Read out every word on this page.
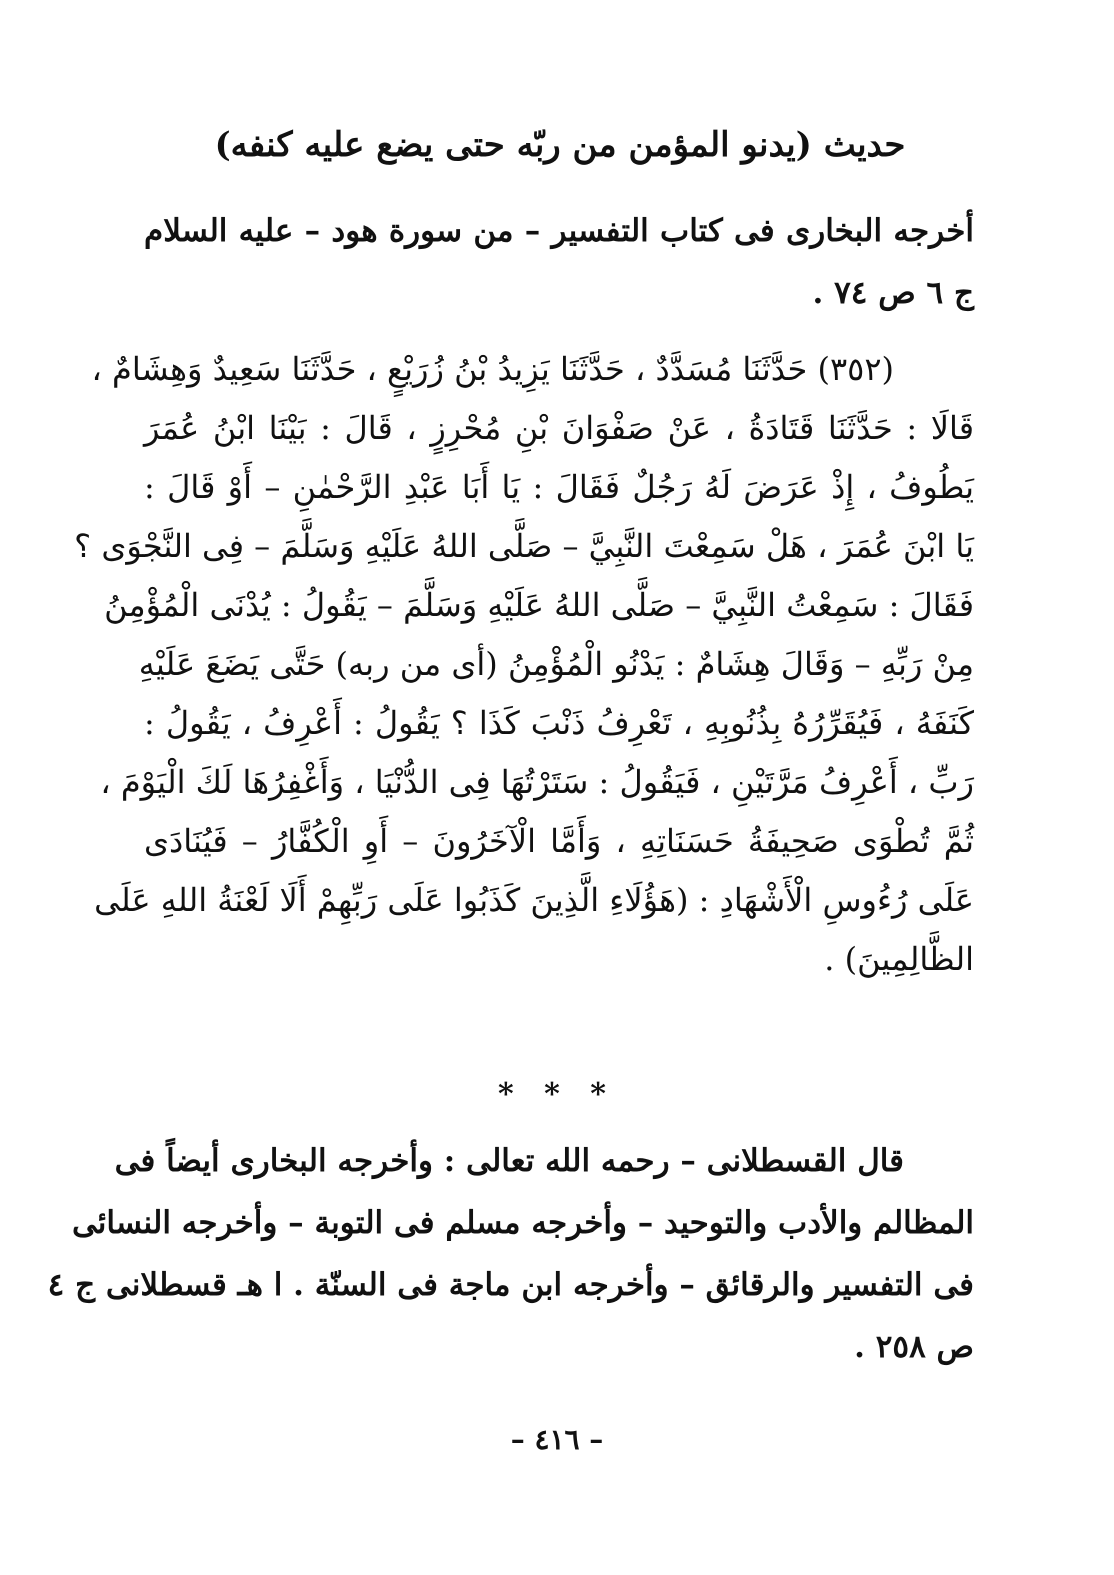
حديث (يدنو المؤمن من ربّه حتى يضع عليه كنفه)
أخرجه البخارى فى كتاب التفسير – من سورة هود – عليه السلام ج ٦ ص ٧٤ .
(٣٥٢) حَدَّثَنَا مُسَدَّدٌ ، حَدَّثَنَا يَزِيدُ بْنُ زُرَيْعٍ ، حَدَّثَنَا سَعِيدٌ وَهِشَامٌ ،
قَالَا : حَدَّثَنَا قَتَادَةُ ، عَنْ صَفْوَانَ بْنِ مُحْرِزٍ ، قَالَ : بَيْنَا ابْنُ عُمَرَ
يَطُوفُ ، إِذْ عَرَضَ لَهُ رَجُلٌ فَقَالَ : يَا أَبَا عَبْدِ الرَّحْمٰنِ – أَوْ قَالَ :
يَا ابْنَ عُمَرَ ، هَلْ سَمِعْتَ النَّبِيَّ – صَلَّى اللهُ عَلَيْهِ وَسَلَّمَ – فِى النَّجْوَى ؟
فَقَالَ : سَمِعْتُ النَّبِيَّ – صَلَّى اللهُ عَلَيْهِ وَسَلَّمَ – يَقُولُ : يُدْنَى الْمُؤْمِنُ
مِنْ رَبِّهِ – وَقَالَ هِشَامٌ : يَدْنُو الْمُؤْمِنُ (أى من ربه) حَتَّى يَضَعَ عَلَيْهِ
كَنَفَهُ ، فَيُقَرِّرُهُ بِذُنُوبِهِ ، تَعْرِفُ ذَنْبَ كَذَا ؟ يَقُولُ : أَعْرِفُ ، يَقُولُ :
رَبِّ ، أَعْرِفُ مَرَّتَيْنِ ، فَيَقُولُ : سَتَرْتُهَا فِى الدُّنْيَا ، وَأَغْفِرُهَا لَكَ الْيَوْمَ ،
ثُمَّ تُطْوَى صَحِيفَةُ حَسَنَاتِهِ ، وَأَمَّا الْآخَرُونَ – أَوِ الْكُفَّارُ – فَيُنَادَى
عَلَى رُءُوسِ الْأَشْهَادِ : (هَؤُلَاءِ الَّذِينَ كَذَبُوا عَلَى رَبِّهِمْ أَلَا لَعْنَةُ اللهِ عَلَى
الظَّالِمِينَ) .
* * *
قال القسطلانى – رحمه الله تعالى : وأخرجه البخارى أيضاً فى
المظالم والأدب والتوحيد – وأخرجه مسلم فى التوبة – وأخرجه النسائى
فى التفسير والرقائق – وأخرجه ابن ماجة فى السنّة . ا هـ قسطلانى ج ٤
ص ٢٥٨ .
– ٤١٦ –
